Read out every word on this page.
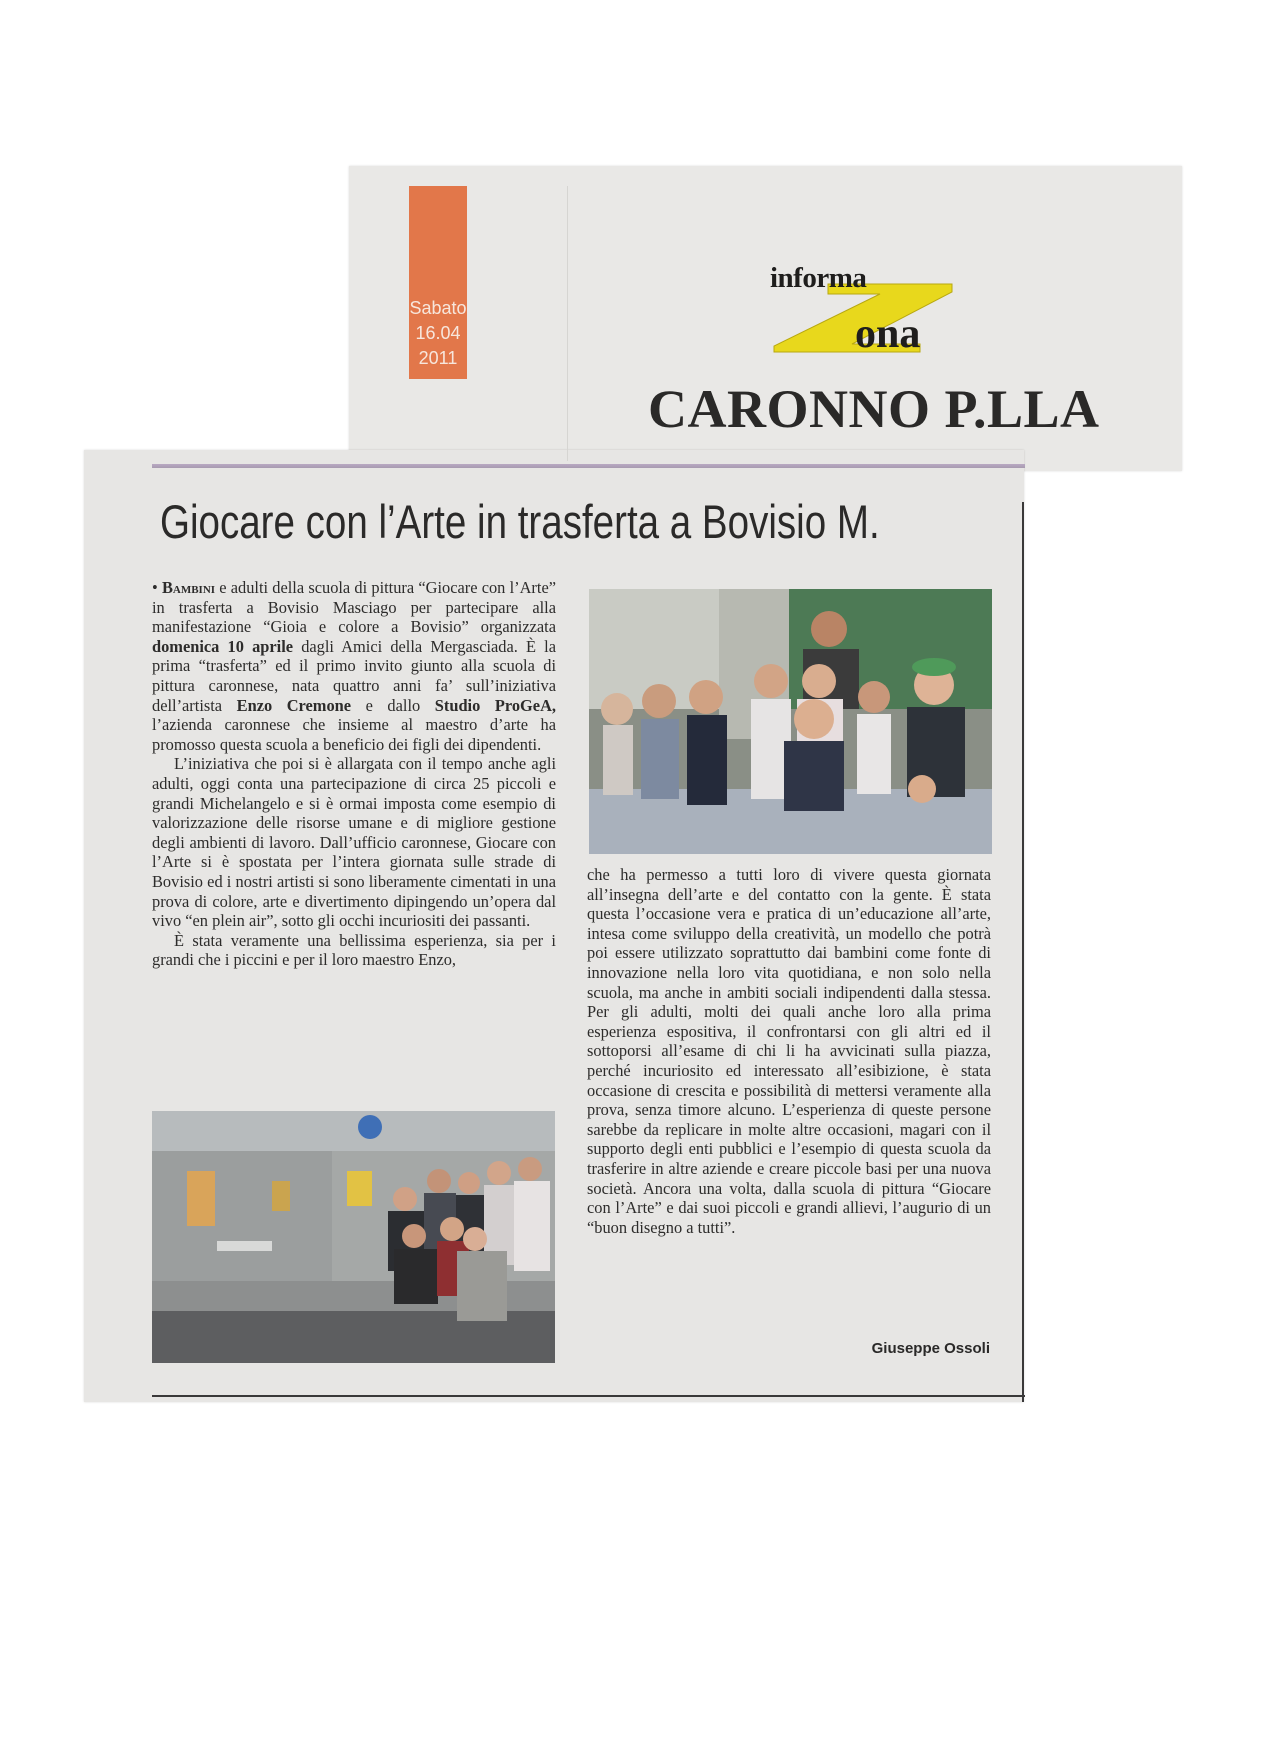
Sabato
16.04
2011
informa
ona
CARONNO P.LLA
Giocare con l’Arte in trasferta a Bovisio M.

• Bambini e adulti della scuola di pittura “Giocare con l’Arte” in trasferta a Bovisio Masciago per partecipare alla manifestazione “Gioia e colore a Bovisio” organizzata domenica 10 aprile dagli Amici della Mergasciada. È la prima “trasferta” ed il primo invito giunto alla scuola di pittura caronnese, nata quattro anni fa’ sull’iniziativa dell’artista Enzo Cremone e dallo Studio ProGeA, l’azienda caronnese che insieme al maestro d’arte ha promosso questa scuola a beneficio dei figli dei dipendenti.

L’iniziativa che poi si è allargata con il tempo anche agli adulti, oggi conta una partecipazione di circa 25 piccoli e grandi Michelangelo e si è ormai imposta come esempio di valorizzazione delle risorse umane e di migliore gestione degli ambienti di lavoro. Dall’ufficio caronnese, Giocare con l’Arte si è spostata per l’intera giornata sulle strade di Bovisio ed i nostri artisti si sono liberamente cimentati in una prova di colore, arte e divertimento dipingendo un’opera dal vivo “en plein air”, sotto gli occhi incuriositi dei passanti.

È stata veramente una bellissima esperienza, sia per i grandi che i piccini e per il loro maestro Enzo,

che ha permesso a tutti loro di vivere questa giornata all’insegna dell’arte e del contatto con la gente. È stata questa l’occasione vera e pratica di un’educazione all’arte, intesa come sviluppo della creatività, un modello che potrà poi essere utilizzato soprattutto dai bambini come fonte di innovazione nella loro vita quotidiana, e non solo nella scuola, ma anche in ambiti sociali indipendenti dalla stessa. Per gli adulti, molti dei quali anche loro alla prima esperienza espositiva, il confrontarsi con gli altri ed il sottoporsi all’esame di chi li ha avvicinati sulla piazza, perché incuriosito ed interessato all’esibizione, è stata occasione di crescita e possibilità di mettersi veramente alla prova, senza timore alcuno. L’esperienza di queste persone sarebbe da replicare in molte altre occasioni, magari con il supporto degli enti pubblici e l’esempio di questa scuola da trasferire in altre aziende e creare piccole basi per una nuova società. Ancora una volta, dalla scuola di pittura “Giocare con l’Arte” e dai suoi piccoli e grandi allievi, l’augurio di un “buon disegno a tutti”.

Giuseppe Ossoli
